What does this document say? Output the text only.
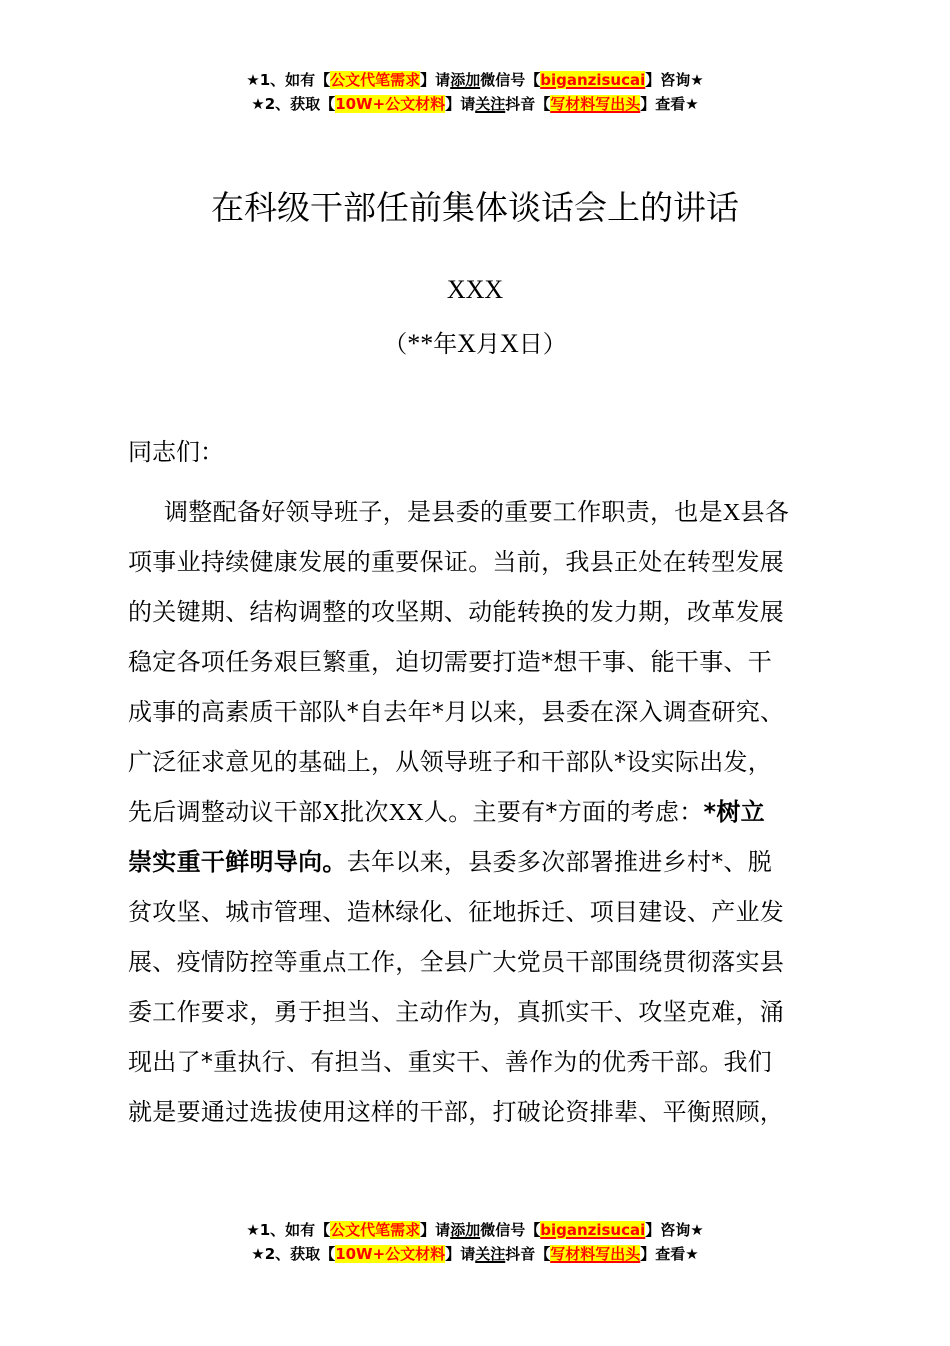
★1、如有【公文代笔需求】请添加微信号【biganzisucai】咨询★
★2、获取【10W+公文材料】请关注抖音【写材料写出头】查看★
在科级干部任前集体谈话会上的讲话
XXX
（**年X月X日）
同志们：
调整配备好领导班子，是县委的重要工作职责，也是X县各
项事业持续健康发展的重要保证。当前，我县正处在转型发展
的关键期、结构调整的攻坚期、动能转换的发力期，改革发展
稳定各项任务艰巨繁重，迫切需要打造*想干事、能干事、干
成事的高素质干部队*自去年*月以来，县委在深入调查研究、
广泛征求意见的基础上，从领导班子和干部队*设实际出发，
先后调整动议干部X批次XX人。主要有*方面的考虑：*树立
崇实重干鲜明导向。去年以来，县委多次部署推进乡村*、脱
贫攻坚、城市管理、造林绿化、征地拆迁、项目建设、产业发
展、疫情防控等重点工作，全县广大党员干部围绕贯彻落实县
委工作要求，勇于担当、主动作为，真抓实干、攻坚克难，涌
现出了*重执行、有担当、重实干、善作为的优秀干部。我们
就是要通过选拔使用这样的干部，打破论资排辈、平衡照顾，
★1、如有【公文代笔需求】请添加微信号【biganzisucai】咨询★
★2、获取【10W+公文材料】请关注抖音【写材料写出头】查看★
